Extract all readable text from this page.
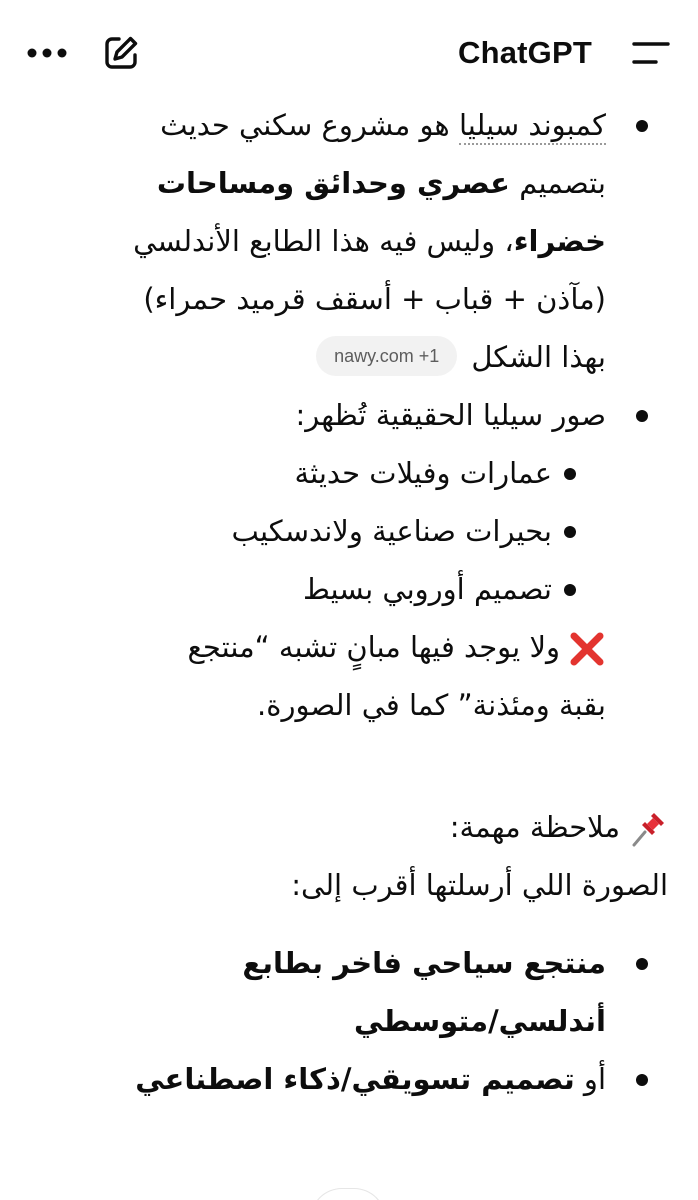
ChatGPT
كمبوند سيليا هو مشروع سكني حديث
بتصميم عصري وحدائق ومساحات
خضراء، وليس فيه هذا الطابع الأندلسي
(مآذن + قباب + أسقف قرميد حمراء)
بهذا الشكلnawy.com +1
صور سيليا الحقيقية تُظهر:
عمارات وفيلات حديثة
بحيرات صناعية ولاندسكيب
تصميم أوروبي بسيط
ولا يوجد فيها مبانٍ تشبه “منتجع
بقبة ومئذنة” كما في الصورة.
ملاحظة مهمة:
الصورة اللي أرسلتها أقرب إلى:
منتجع سياحي فاخر بطابع
أندلسي/متوسطي
أو تصميم تسويقي/ذكاء اصطناعي
